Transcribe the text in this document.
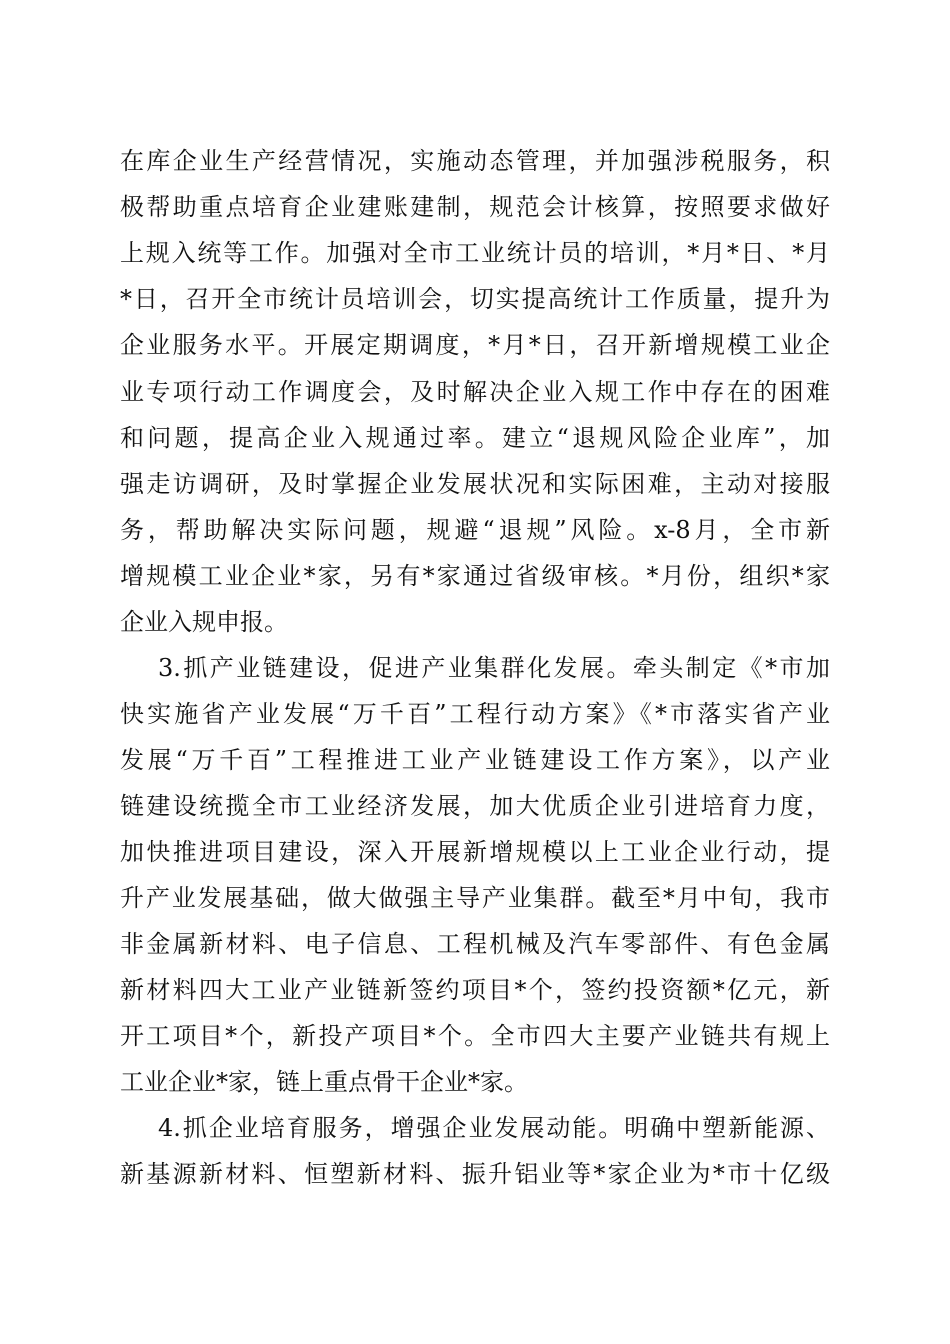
在库企业生产经营情况，实施动态管理，并加强涉税服务，积
极帮助重点培育企业建账建制，规范会计核算，按照要求做好
上规入统等工作。加强对全市工业统计员的培训，*月*日、*月
*日，召开全市统计员培训会，切实提高统计工作质量，提升为
企业服务水平。开展定期调度，*月*日，召开新增规模工业企
业专项行动工作调度会，及时解决企业入规工作中存在的困难
和问题，提高企业入规通过率。建立“退规风险企业库”，加
强走访调研，及时掌握企业发展状况和实际困难，主动对接服
务，帮助解决实际问题，规避“退规”风险。x-8月，全市新
增规模工业企业*家，另有*家通过省级审核。*月份，组织*家
企业入规申报。
3.抓产业链建设，促进产业集群化发展。牵头制定《*市加
快实施省产业发展“万千百”工程行动方案》《*市落实省产业
发展“万千百”工程推进工业产业链建设工作方案》，以产业
链建设统揽全市工业经济发展，加大优质企业引进培育力度，
加快推进项目建设，深入开展新增规模以上工业企业行动，提
升产业发展基础，做大做强主导产业集群。截至*月中旬，我市
非金属新材料、电子信息、工程机械及汽车零部件、有色金属
新材料四大工业产业链新签约项目*个，签约投资额*亿元，新
开工项目*个，新投产项目*个。全市四大主要产业链共有规上
工业企业*家，链上重点骨干企业*家。
4.抓企业培育服务，增强企业发展动能。明确中塑新能源、
新基源新材料、恒塑新材料、振升铝业等*家企业为*市十亿级
